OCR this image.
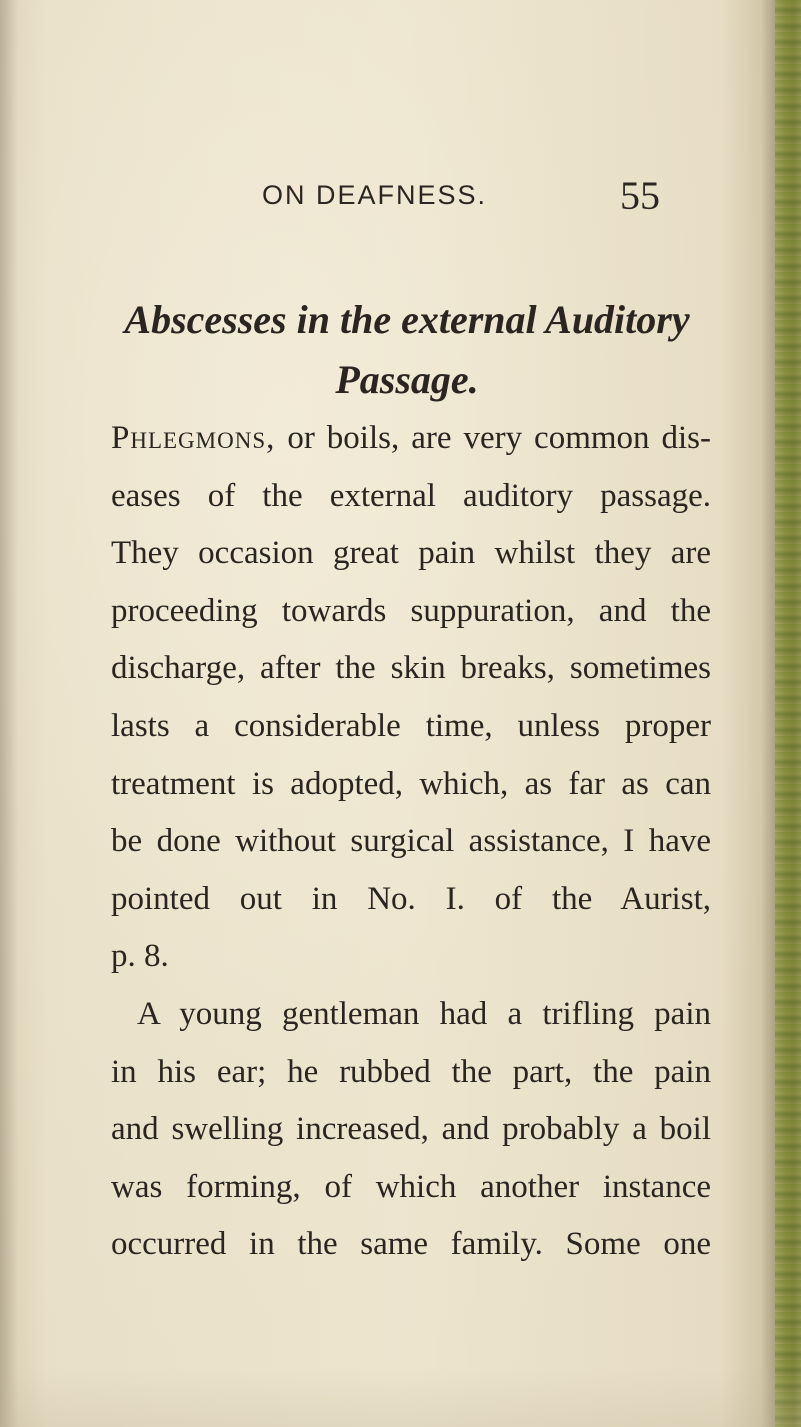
ON DEAFNESS.	55
Abscesses in the external Auditory
Passage.
Phlegmons, or boils, are very common dis-
eases of the external auditory passage.
They occasion great pain whilst they are
proceeding towards suppuration, and the
discharge, after the skin breaks, sometimes
lasts a considerable time, unless proper
treatment is adopted, which, as far as can
be done without surgical assistance, I have
pointed out in No. I. of the Aurist,
p. 8.
A young gentleman had a trifling pain
in his ear; he rubbed the part, the pain
and swelling increased, and probably a boil
was forming, of which another instance
occurred in the same family. Some one
